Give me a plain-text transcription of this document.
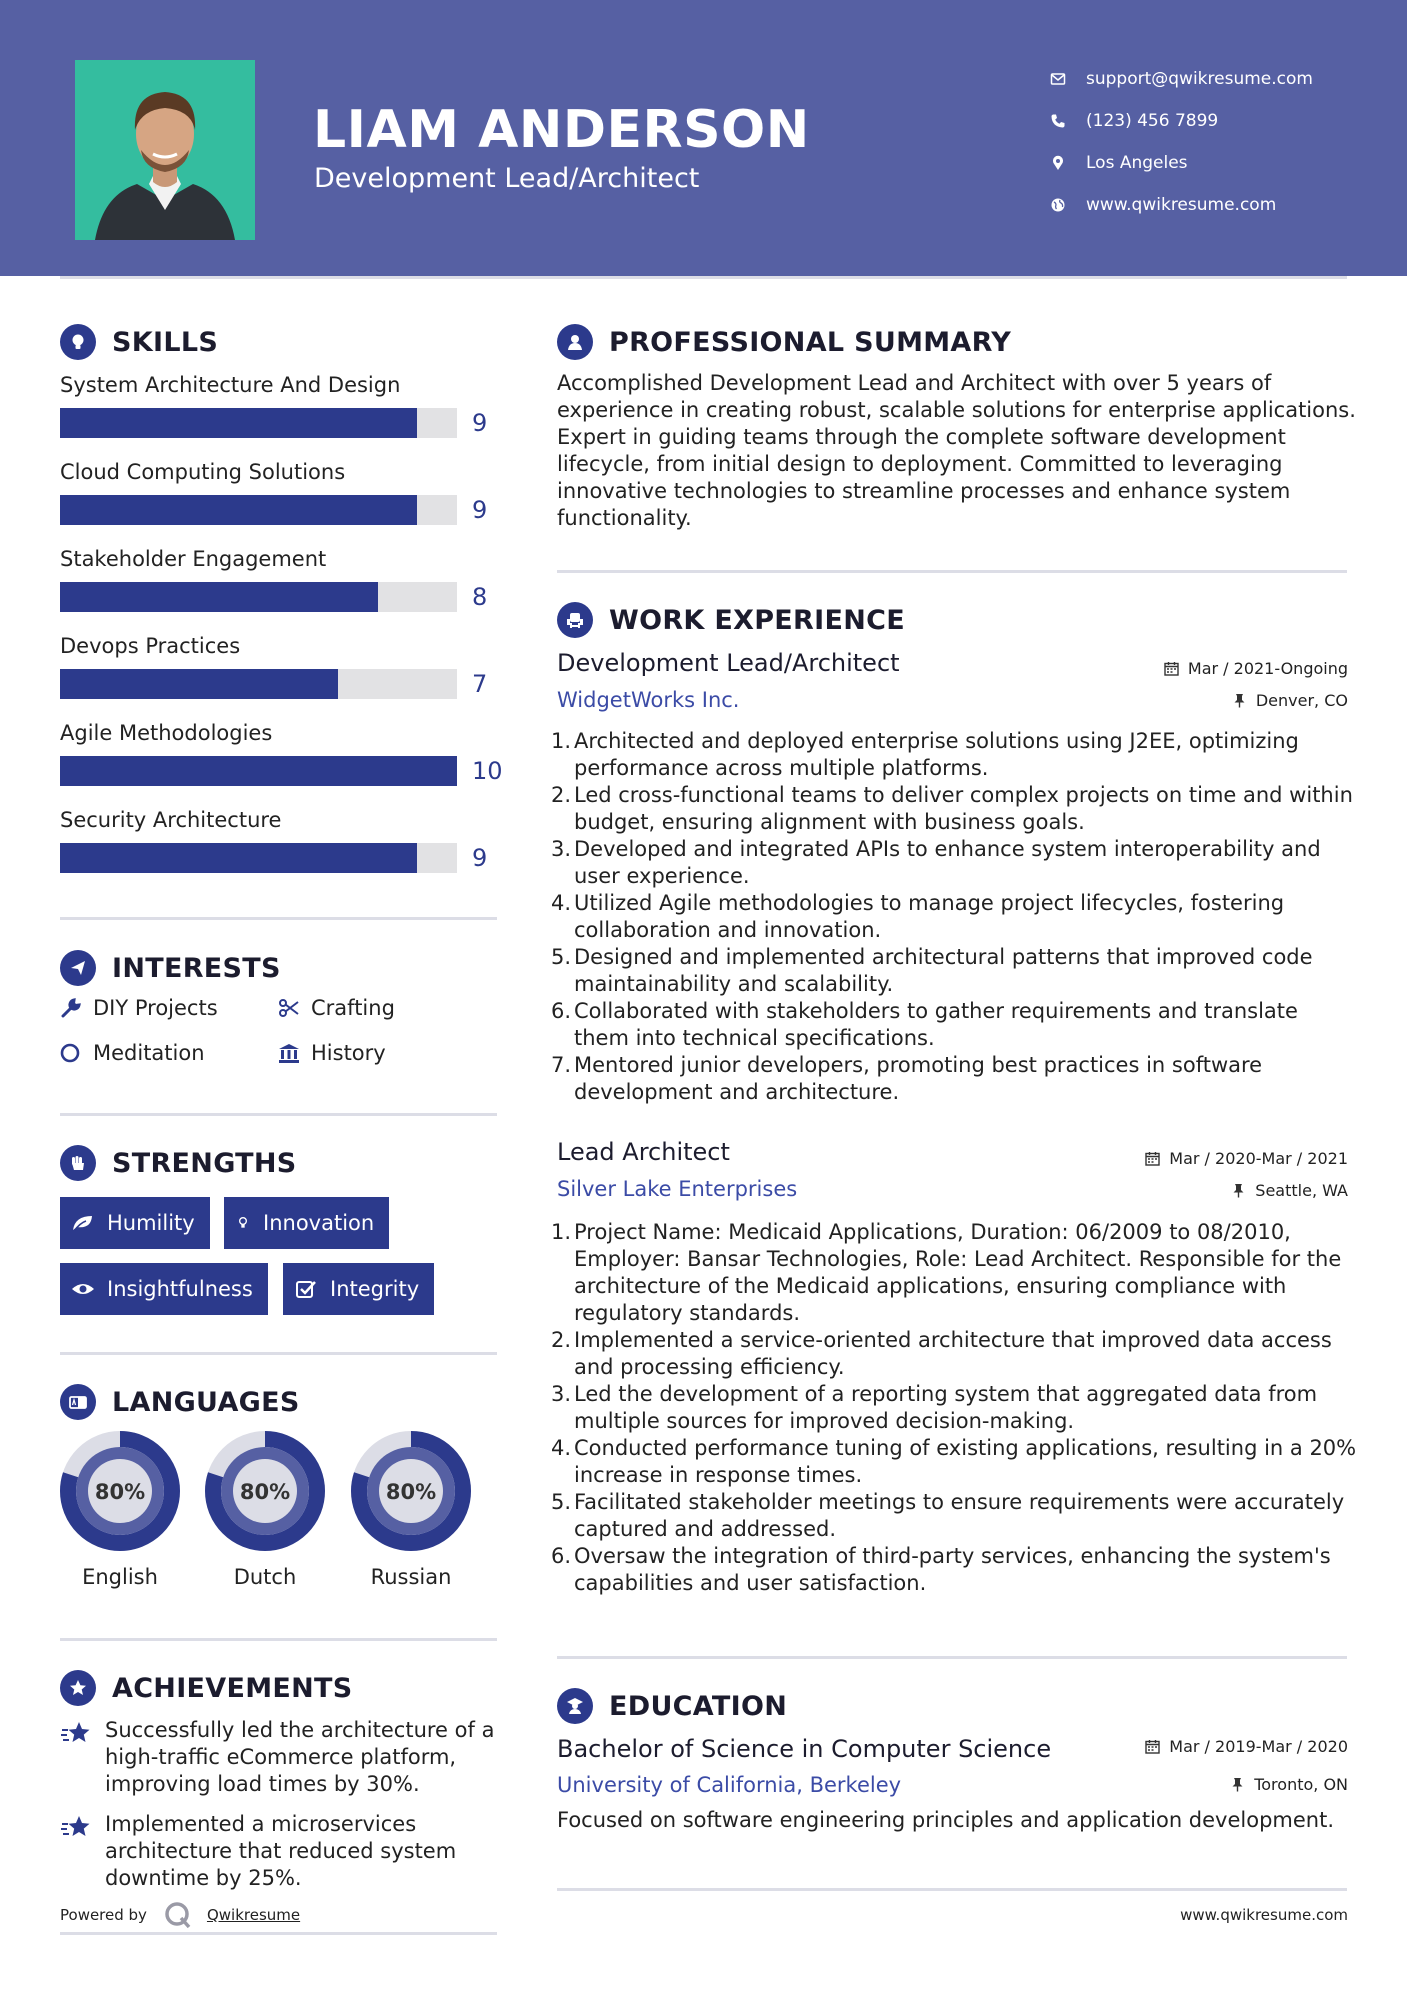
LIAM ANDERSON
Development Lead/Architect
support@qwikresume.com
(123) 456 7899
Los Angeles
www.qwikresume.com
SKILLS
System Architecture And Design
9
Cloud Computing Solutions
9
Stakeholder Engagement
8
Devops Practices
7
Agile Methodologies
10
Security Architecture
9
INTERESTS
DIY Projects	Crafting
Meditation	History
STRENGTHS
Humility	Innovation
Insightfulness	Integrity
LANGUAGES
80%
English
80%
Dutch
80%
Russian
ACHIEVEMENTS
Successfully led the architecture of a high-traffic eCommerce platform, improving load times by 30%.
Implemented a microservices architecture that reduced system downtime by 25%.
Powered by	Qwikresume
PROFESSIONAL SUMMARY
Accomplished Development Lead and Architect with over 5 years of experience in creating robust, scalable solutions for enterprise applications. Expert in guiding teams through the complete software development lifecycle, from initial design to deployment. Committed to leveraging innovative technologies to streamline processes and enhance system functionality.
WORK EXPERIENCE
Development Lead/Architect	Mar / 2021-Ongoing
WidgetWorks Inc.	Denver, CO
1. Architected and deployed enterprise solutions using J2EE, optimizing performance across multiple platforms.
2. Led cross-functional teams to deliver complex projects on time and within budget, ensuring alignment with business goals.
3. Developed and integrated APIs to enhance system interoperability and user experience.
4. Utilized Agile methodologies to manage project lifecycles, fostering collaboration and innovation.
5. Designed and implemented architectural patterns that improved code maintainability and scalability.
6. Collaborated with stakeholders to gather requirements and translate them into technical specifications.
7. Mentored junior developers, promoting best practices in software development and architecture.
Lead Architect	Mar / 2020-Mar / 2021
Silver Lake Enterprises	Seattle, WA
1. Project Name: Medicaid Applications, Duration: 06/2009 to 08/2010, Employer: Bansar Technologies, Role: Lead Architect. Responsible for the architecture of the Medicaid applications, ensuring compliance with regulatory standards.
2. Implemented a service-oriented architecture that improved data access and processing efficiency.
3. Led the development of a reporting system that aggregated data from multiple sources for improved decision-making.
4. Conducted performance tuning of existing applications, resulting in a 20% increase in response times.
5. Facilitated stakeholder meetings to ensure requirements were accurately captured and addressed.
6. Oversaw the integration of third-party services, enhancing the system's capabilities and user satisfaction.
EDUCATION
Bachelor of Science in Computer Science	Mar / 2019-Mar / 2020
University of California, Berkeley	Toronto, ON
Focused on software engineering principles and application development.
www.qwikresume.com
